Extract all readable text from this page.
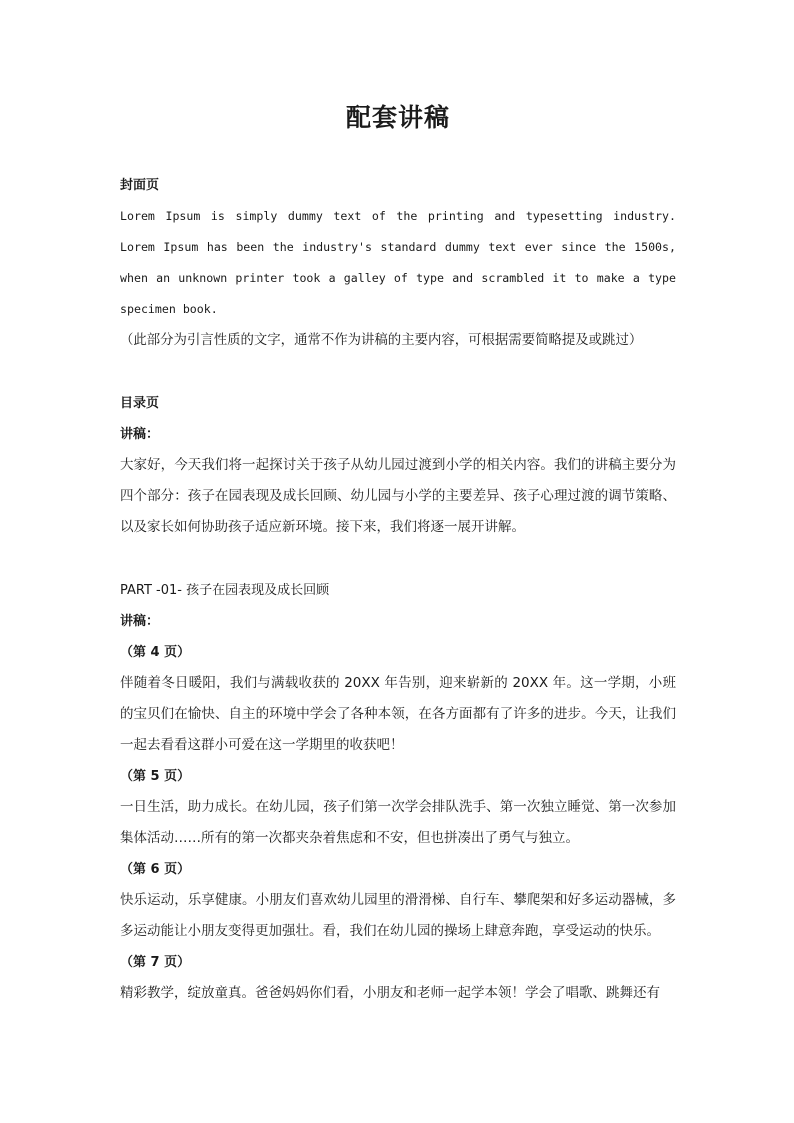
配套讲稿

封面页

Lorem Ipsum is simply dummy text of the printing and typesetting industry. Lorem Ipsum has been the industry's standard dummy text ever since the 1500s, when an unknown printer took a galley of type and scrambled it to make a type specimen book.

（此部分为引言性质的文字，通常不作为讲稿的主要内容，可根据需要简略提及或跳过）

目录页

讲稿：

大家好，今天我们将一起探讨关于孩子从幼儿园过渡到小学的相关内容。我们的讲稿主要分为四个部分：孩子在园表现及成长回顾、幼儿园与小学的主要差异、孩子心理过渡的调节策略、以及家长如何协助孩子适应新环境。接下来，我们将逐一展开讲解。

PART -01- 孩子在园表现及成长回顾

讲稿：

（第 4 页）

伴随着冬日暖阳，我们与满载收获的 20XX 年告别，迎来崭新的 20XX 年。这一学期，小班的宝贝们在愉快、自主的环境中学会了各种本领，在各方面都有了许多的进步。今天，让我们一起去看看这群小可爱在这一学期里的收获吧！

（第 5 页）

一日生活，助力成长。在幼儿园，孩子们第一次学会排队洗手、第一次独立睡觉、第一次参加集体活动……所有的第一次都夹杂着焦虑和不安，但也拼凑出了勇气与独立。

（第 6 页）

快乐运动，乐享健康。小朋友们喜欢幼儿园里的滑滑梯、自行车、攀爬架和好多运动器械，多多运动能让小朋友变得更加强壮。看，我们在幼儿园的操场上肆意奔跑，享受运动的快乐。

（第 7 页）

精彩教学，绽放童真。爸爸妈妈你们看，小朋友和老师一起学本领！学会了唱歌、跳舞还有
